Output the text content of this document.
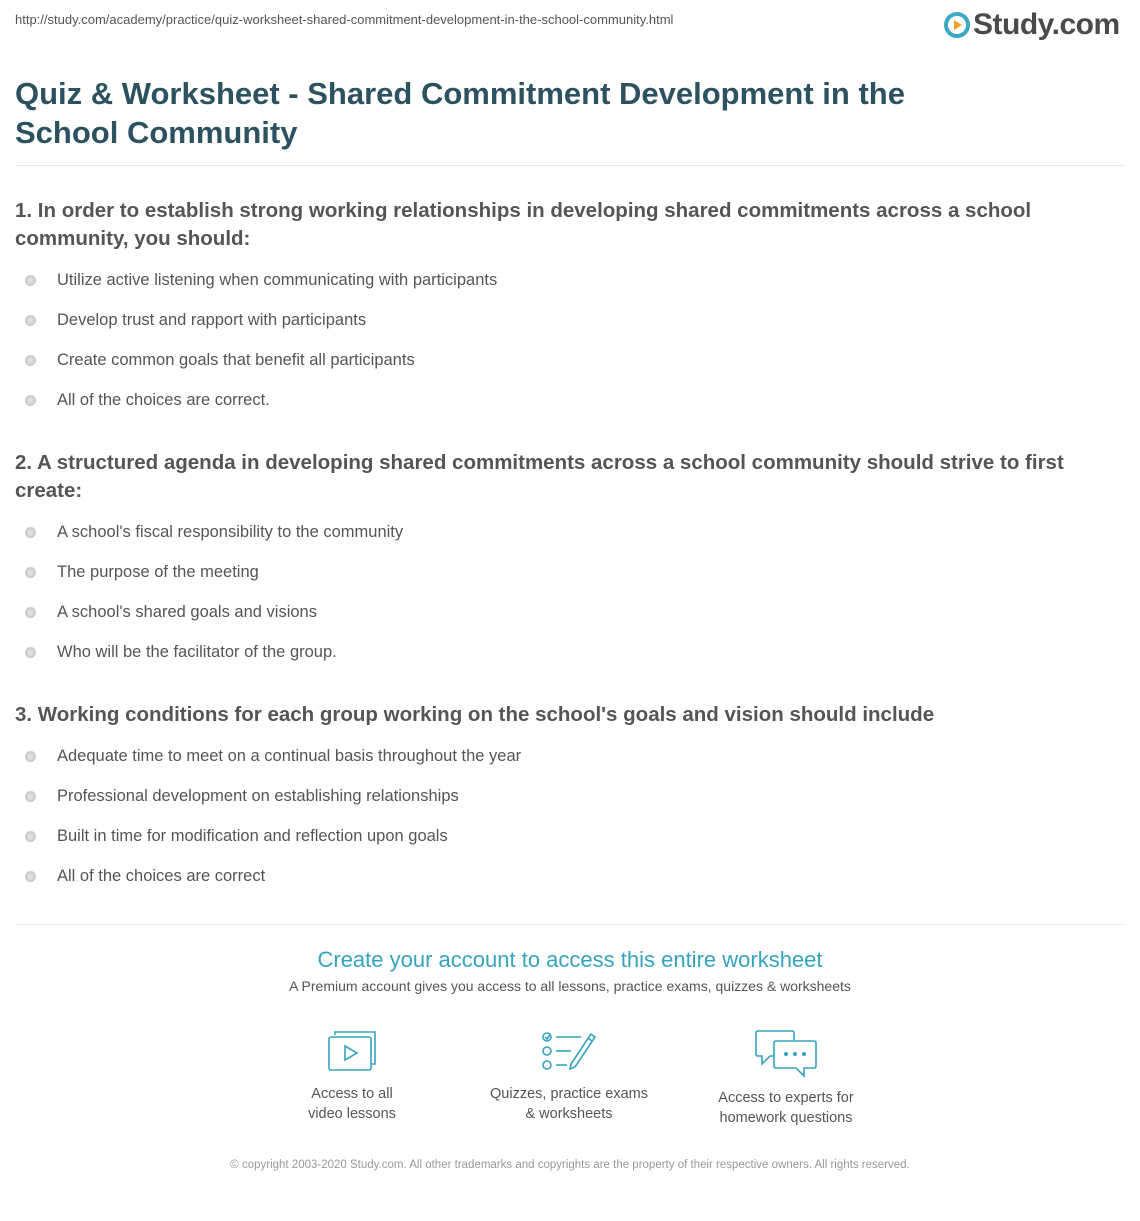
http://study.com/academy/practice/quiz-worksheet-shared-commitment-development-in-the-school-community.html	Study.com
Quiz & Worksheet - Shared Commitment Development in the School Community
1. In order to establish strong working relationships in developing shared commitments across a school community, you should:
Utilize active listening when communicating with participants
Develop trust and rapport with participants
Create common goals that benefit all participants
All of the choices are correct.
2. A structured agenda in developing shared commitments across a school community should strive to first create:
A school's fiscal responsibility to the community
The purpose of the meeting
A school's shared goals and visions
Who will be the facilitator of the group.
3. Working conditions for each group working on the school's goals and vision should include
Adequate time to meet on a continual basis throughout the year
Professional development on establishing relationships
Built in time for modification and reflection upon goals
All of the choices are correct
Create your account to access this entire worksheet
A Premium account gives you access to all lessons, practice exams, quizzes & worksheets
Access to all
video lessons
Quizzes, practice exams
& worksheets
Access to experts for
homework questions
© copyright 2003-2020 Study.com. All other trademarks and copyrights are the property of their respective owners. All rights reserved.
